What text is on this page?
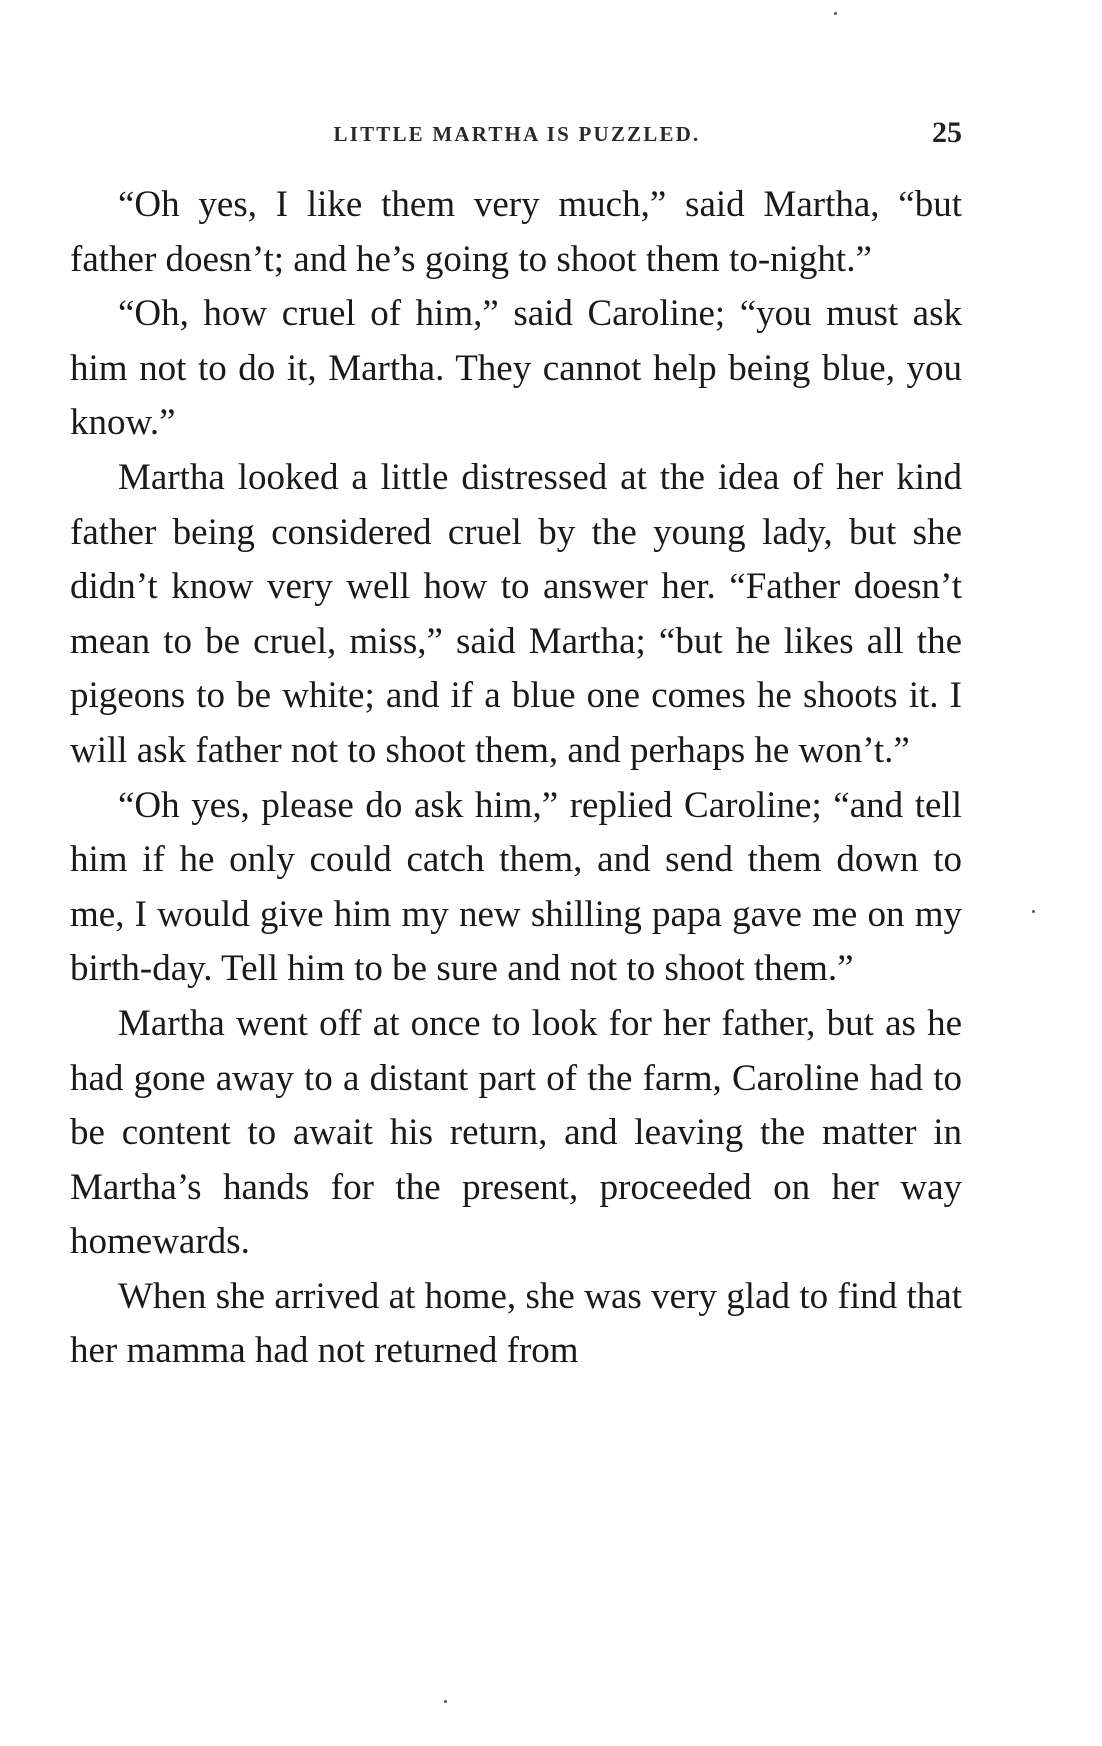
LITTLE MARTHA IS PUZZLED.	25

“Oh yes, I like them very much,” said Martha, “but father doesn’t; and he’s going to shoot them to-night.”

“Oh, how cruel of him,” said Caroline; “you must ask him not to do it, Martha. They cannot help being blue, you know.”

Martha looked a little distressed at the idea of her kind father being considered cruel by the young lady, but she didn’t know very well how to answer her. “Father doesn’t mean to be cruel, miss,” said Martha; “but he likes all the pigeons to be white; and if a blue one comes he shoots it. I will ask father not to shoot them, and perhaps he won’t.”

“Oh yes, please do ask him,” replied Caroline; “and tell him if he only could catch them, and send them down to me, I would give him my new shilling papa gave me on my birth-day. Tell him to be sure and not to shoot them.”

Martha went off at once to look for her father, but as he had gone away to a distant part of the farm, Caroline had to be content to await his return, and leaving the matter in Martha’s hands for the present, proceeded on her way homewards.

When she arrived at home, she was very glad to find that her mamma had not returned from
